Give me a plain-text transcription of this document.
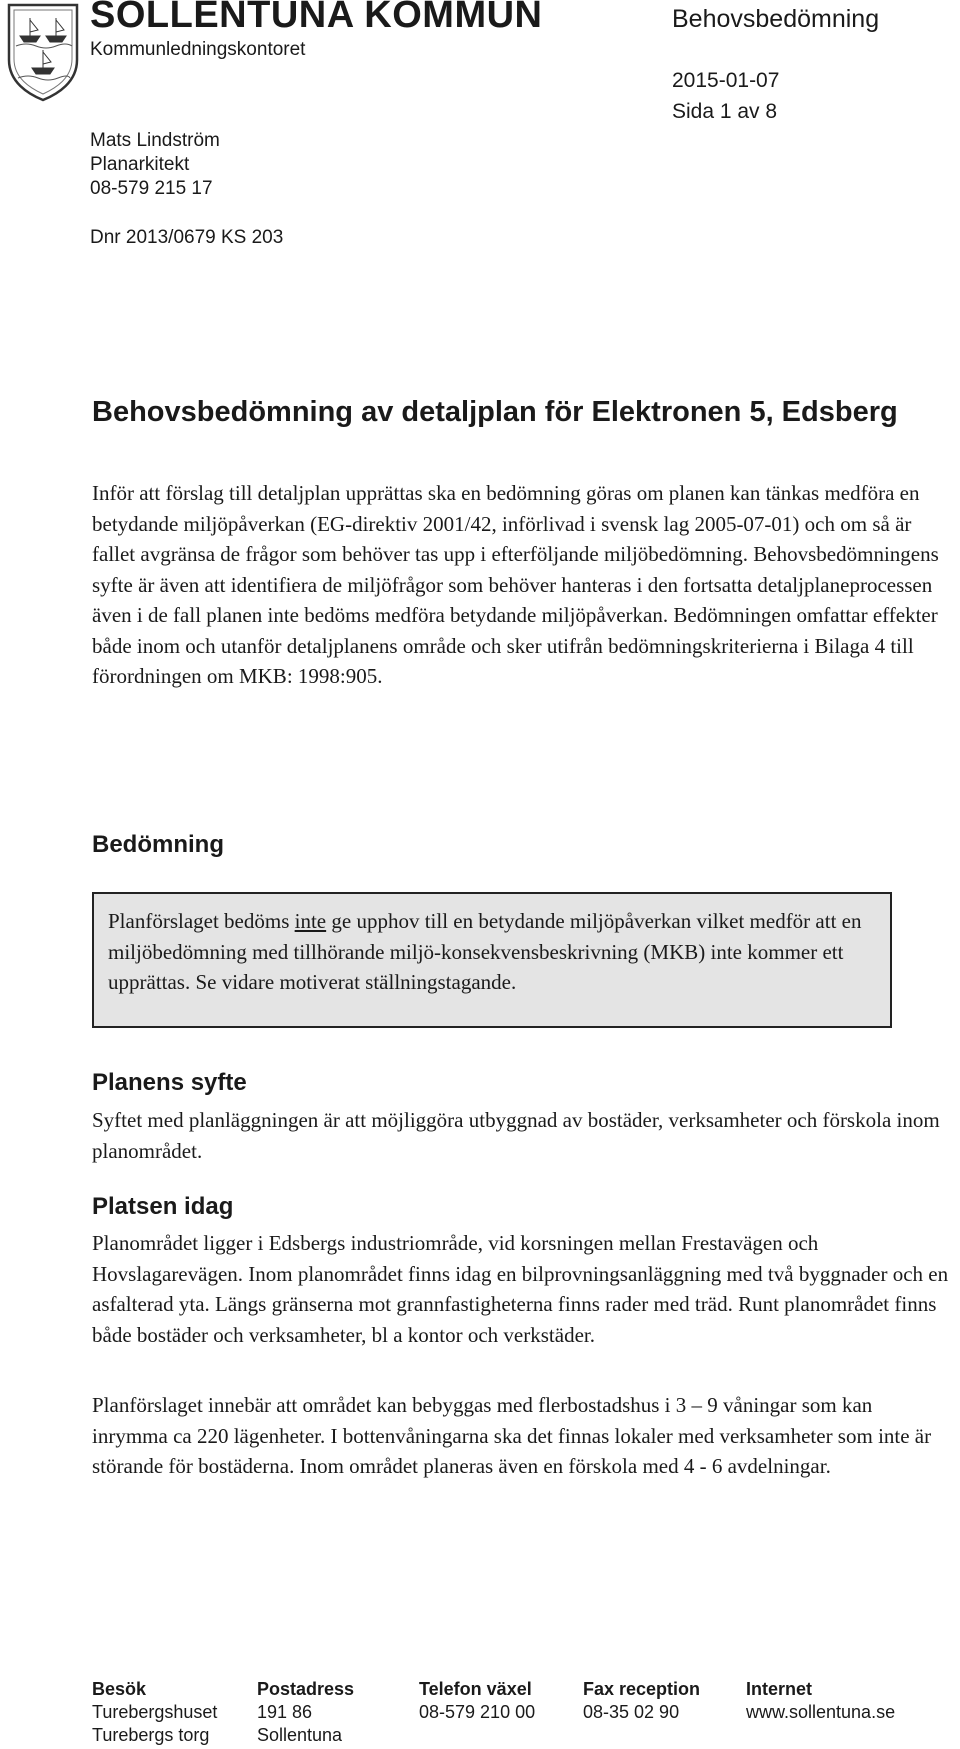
SOLLENTUNA KOMMUN
Kommunledningskontoret
Behovsbedömning
2015-01-07
Sida 1 av 8
Mats Lindström
Planarkitekt
08-579 215 17
Dnr 2013/0679 KS 203
Behovsbedömning av detaljplan för Elektronen 5, Edsberg
Inför att förslag till detaljplan upprättas ska en bedömning göras om planen kan tänkas medföra en betydande miljöpåverkan (EG-direktiv 2001/42, införlivad i svensk lag 2005-07-01) och om så är fallet avgränsa de frågor som behöver tas upp i efterföljande miljöbedömning. Behovsbedömningens syfte är även att identifiera de miljöfrågor som behöver hanteras i den fortsatta detaljplaneprocessen även i de fall planen inte bedöms medföra betydande miljöpåverkan. Bedömningen omfattar effekter både inom och utanför detaljplanens område och sker utifrån bedömningskriterierna i Bilaga 4 till förordningen om MKB: 1998:905.
Bedömning
Planförslaget bedöms inte ge upphov till en betydande miljöpåverkan vilket medför att en miljöbedömning med tillhörande miljö-konsekvensbeskrivning (MKB) inte kommer ett upprättas. Se vidare motiverat ställningstagande.
Planens syfte
Syftet med planläggningen är att möjliggöra utbyggnad av bostäder, verksamheter och förskola inom planområdet.
Platsen idag
Planområdet ligger i Edsbergs industriområde, vid korsningen mellan Frestavägen och Hovslagarevägen. Inom planområdet finns idag en bilprovningsanläggning med två byggnader och en asfalterad yta. Längs gränserna mot grannfastigheterna finns rader med träd. Runt planområdet finns både bostäder och verksamheter, bl a kontor och verkstäder.
Planförslaget innebär att området kan bebyggas med flerbostadshus i 3 – 9 våningar som kan inrymma ca 220 lägenheter. I bottenvåningarna ska det finnas lokaler med verksamheter som inte är störande för bostäderna. Inom området planeras även en förskola med 4 - 6 avdelningar.
Besök
Turebergshuset
Turebergs torg
Postadress
191 86
Sollentuna
Telefon växel
08-579 210 00
Fax reception
08-35 02 90
Internet
www.sollentuna.se
